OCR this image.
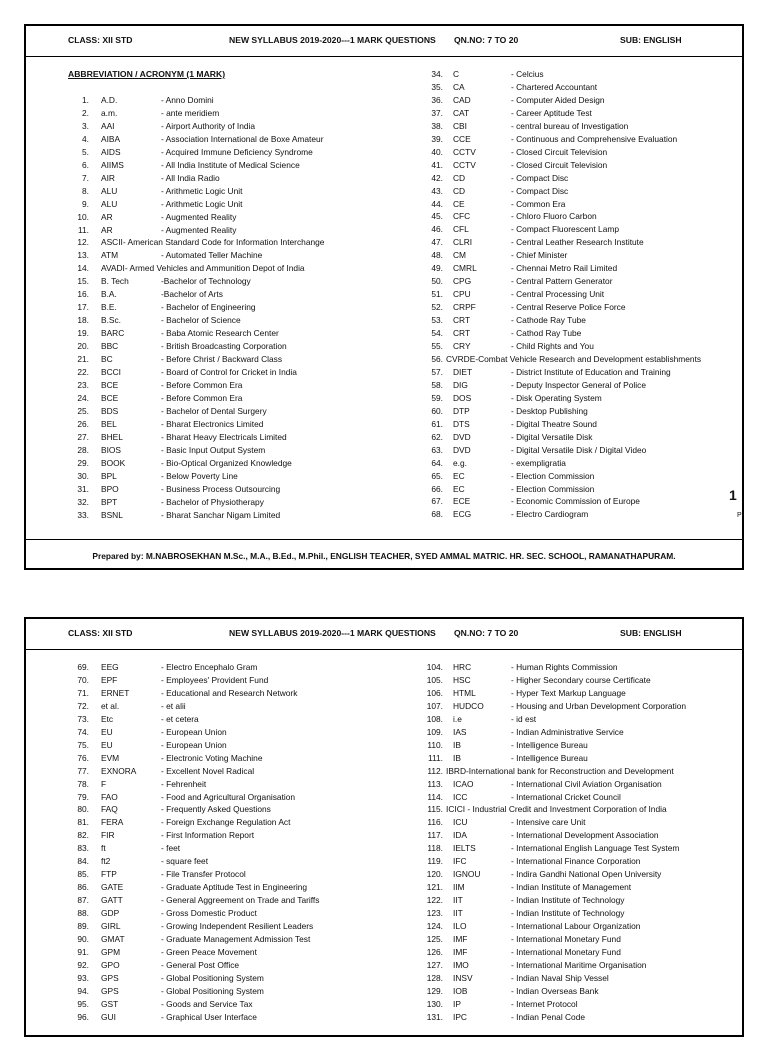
CLASS: XII STD	NEW SYLLABUS 2019-2020---1 MARK QUESTIONS QN.NO: 7 TO 20	SUB: ENGLISH
ABBREVIATION / ACRONYM (1 MARK)
1. A.D.	- Anno Domini
2. a.m.	- ante meridiem
3. AAI	- Airport Authority of India
4. AIBA	- Association International de Boxe Amateur
5. AIDS	- Acquired Immune Deficiency Syndrome
6. AIIMS	- All India Institute of Medical Science
7. AIR	- All India Radio
8. ALU	- Arithmetic Logic Unit
9. ALU	- Arithmetic Logic Unit
10. AR	- Augmented Reality
11. AR	- Augmented Reality
12. ASCII- American Standard Code for Information Interchange
13. ATM	- Automated Teller Machine
14. AVADI- Armed Vehicles and Ammunition Depot of India
15. B. Tech	-Bachelor of Technology
16. B.A.	-Bachelor of Arts
17. B.E.	- Bachelor of Engineering
18. B.Sc.	- Bachelor of Science
19. BARC	- Baba Atomic Research Center
20. BBC	- British Broadcasting Corporation
21. BC	- Before Christ / Backward Class
22. BCCI	- Board of Control for Cricket in India
23. BCE	- Before Common Era
24. BCE	- Before Common Era
25. BDS	- Bachelor of Dental Surgery
26. BEL	- Bharat Electronics Limited
27. BHEL	- Bharat Heavy Electricals Limited
28. BIOS	- Basic Input Output System
29. BOOK	- Bio-Optical Organized Knowledge
30. BPL	- Below Poverty Line
31. BPO	- Business Process Outsourcing
32. BPT	- Bachelor of Physiotherapy
33. BSNL	- Bharat Sanchar Nigam Limited
34. C	- Celcius
35. CA	- Chartered Accountant
36. CAD	- Computer Aided Design
37. CAT	- Career Aptitude Test
38. CBI	- central bureau of Investigation
39. CCE	- Continuous and Comprehensive Evaluation
40. CCTV	- Closed Circuit Television
41. CCTV	- Closed Circuit Television
42. CD	- Compact Disc
43. CD	- Compact Disc
44. CE	- Common Era
45. CFC	- Chloro Fluoro Carbon
46. CFL	- Compact Fluorescent Lamp
47. CLRI	- Central Leather Research Institute
48. CM	- Chief Minister
49. CMRL	- Chennai Metro Rail Limited
50. CPG	- Central Pattern Generator
51. CPU	- Central Processing Unit
52. CRPF	- Central Reserve Police Force
53. CRT	- Cathode Ray Tube
54. CRT	- Cathod Ray Tube
55. CRY	- Child Rights and You
56. CVRDE-Combat Vehicle Research and Development establishments
57. DIET	- District Institute of Education and Training
58. DIG	- Deputy Inspector General of Police
59. DOS	- Disk Operating System
60. DTP	- Desktop Publishing
61. DTS	- Digital Theatre Sound
62. DVD	- Digital Versatile Disk
63. DVD	- Digital Versatile Disk / Digital Video
64. e.g.	- exempligratia
65. EC	- Election Commission
66. EC	- Election Commission
67. ECE	- Economic Commission of Europe
68. ECG	- Electro Cardiogram
Prepared by: M.NABROSEKHAN M.Sc., M.A., B.Ed., M.Phil., ENGLISH TEACHER, SYED AMMAL MATRIC. HR. SEC. SCHOOL, RAMANATHAPURAM.
1
P
CLASS: XII STD	NEW SYLLABUS 2019-2020---1 MARK QUESTIONS QN.NO: 7 TO 20	SUB: ENGLISH
69. EEG	- Electro Encephalo Gram
70. EPF	- Employees' Provident Fund
71. ERNET	- Educational and Research Network
72. et al.	- et alii
73. Etc	- et cetera
74. EU	- European Union
75. EU	- European Union
76. EVM	- Electronic Voting Machine
77. EXNORA	- Excellent Novel Radical
78. F	- Fehrenheit
79. FAO	- Food and Agricultural Organisation
80. FAQ	- Frequently Asked Questions
81. FERA	- Foreign Exchange Regulation Act
82. FIR	- First Information Report
83. ft	- feet
84. ft2	- square feet
85. FTP	- File Transfer Protocol
86. GATE	- Graduate Aptitude Test in Engineering
87. GATT	- General Aggreement on Trade and Tariffs
88. GDP	- Gross Domestic Product
89. GIRL	- Growing Independent Resilient Leaders
90. GMAT	- Graduate Management Admission Test
91. GPM	- Green Peace Movement
92. GPO	- General Post Office
93. GPS	- Global Positioning System
94. GPS	- Global Positioning System
95. GST	- Goods and Service Tax
96. GUI	- Graphical User Interface
104. HRC	- Human Rights Commission
105. HSC	- Higher Secondary course Certificate
106. HTML	- Hyper Text Markup Language
107. HUDCO	- Housing and Urban Development Corporation
108. i.e	- id est
109. IAS	- Indian Administrative Service
110. IB	- Intelligence Bureau
111. IB	- Intelligence Bureau
112. IBRD-International bank for Reconstruction and Development
113. ICAO	- International Civil Aviation Organisation
114. ICC	- International Cricket Council
115. ICICI - Industrial Credit and Investment Corporation of India
116. ICU	- Intensive care Unit
117. IDA	- International Development Association
118. IELTS	- International English Language Test System
119. IFC	- International Finance Corporation
120. IGNOU	- Indira Gandhi National Open University
121. IIM	- Indian Institute of Management
122. IIT	- Indian Institute of Technology
123. IIT	- Indian Institute of Technology
124. ILO	- International Labour Organization
125. IMF	- International Monetary Fund
126. IMF	- International Monetary Fund
127. IMO	- International Maritime Organisation
128. INSV	- Indian Naval Ship Vessel
129. IOB	- Indian Overseas Bank
130. IP	- Internet Protocol
131. IPC	- Indian Penal Code
